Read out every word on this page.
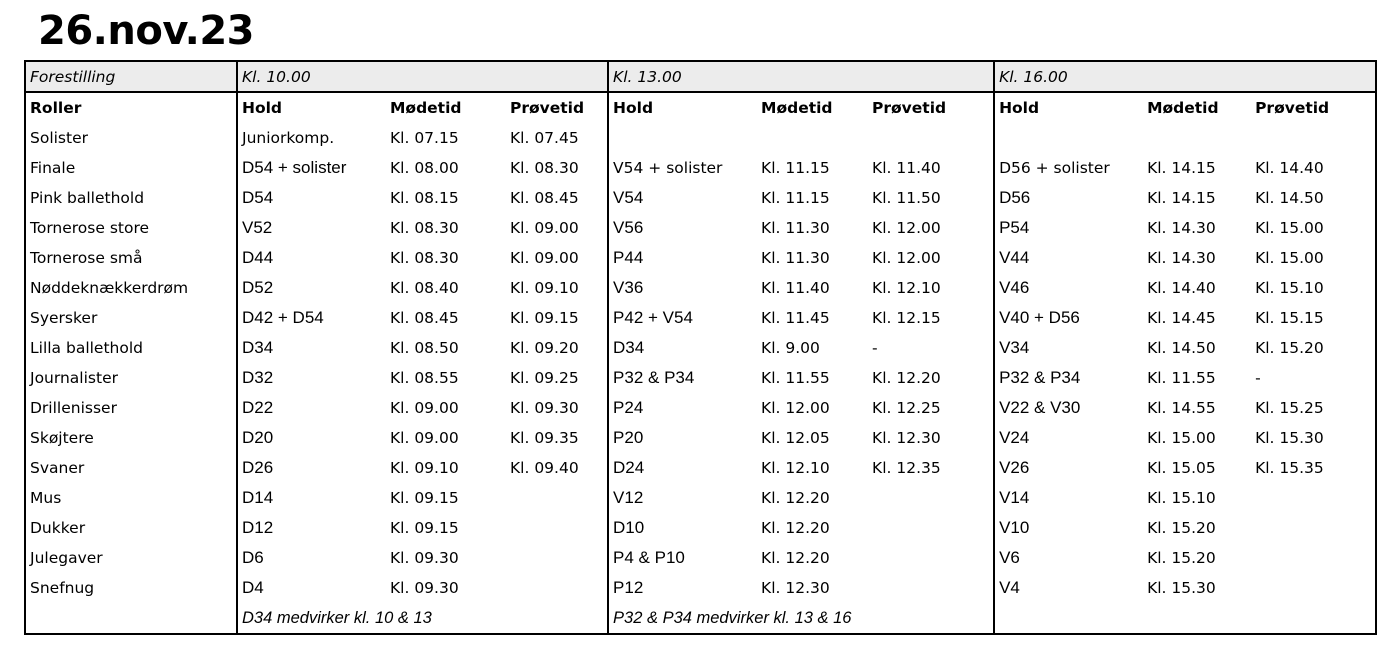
26.nov.23
Forestilling	Kl. 10.00			Kl. 13.00			Kl. 16.00		
Roller	Hold	Mødetid	Prøvetid	Hold	Mødetid	Prøvetid	Hold	Mødetid	Prøvetid
Solister	Juniorkomp.	Kl. 07.15	Kl. 07.45						
Finale	D54 + solister	Kl. 08.00	Kl. 08.30	V54 + solister	Kl. 11.15	Kl. 11.40	D56 + solister	Kl. 14.15	Kl. 14.40
Pink ballethold	D54	Kl. 08.15	Kl. 08.45	V54	Kl. 11.15	Kl. 11.50	D56	Kl. 14.15	Kl. 14.50
Tornerose store	V52	Kl. 08.30	Kl. 09.00	V56	Kl. 11.30	Kl. 12.00	P54	Kl. 14.30	Kl. 15.00
Tornerose små	D44	Kl. 08.30	Kl. 09.00	P44	Kl. 11.30	Kl. 12.00	V44	Kl. 14.30	Kl. 15.00
Nøddeknækkerdrøm	D52	Kl. 08.40	Kl. 09.10	V36	Kl. 11.40	Kl. 12.10	V46	Kl. 14.40	Kl. 15.10
Syersker	D42 + D54	Kl. 08.45	Kl. 09.15	P42 + V54	Kl. 11.45	Kl. 12.15	V40 + D56	Kl. 14.45	Kl. 15.15
Lilla ballethold	D34	Kl. 08.50	Kl. 09.20	D34	Kl. 9.00	-	V34	Kl. 14.50	Kl. 15.20
Journalister	D32	Kl. 08.55	Kl. 09.25	P32 & P34	Kl. 11.55	Kl. 12.20	P32 & P34	Kl. 11.55	-
Drillenisser	D22	Kl. 09.00	Kl. 09.30	P24	Kl. 12.00	Kl. 12.25	V22 & V30	Kl. 14.55	Kl. 15.25
Skøjtere	D20	Kl. 09.00	Kl. 09.35	P20	Kl. 12.05	Kl. 12.30	V24	Kl. 15.00	Kl. 15.30
Svaner	D26	Kl. 09.10	Kl. 09.40	D24	Kl. 12.10	Kl. 12.35	V26	Kl. 15.05	Kl. 15.35
Mus	D14	Kl. 09.15		V12	Kl. 12.20		V14	Kl. 15.10	
Dukker	D12	Kl. 09.15		D10	Kl. 12.20		V10	Kl. 15.20	
Julegaver	D6	Kl. 09.30		P4 & P10	Kl. 12.20		V6	Kl. 15.20	
Snefnug	D4	Kl. 09.30		P12	Kl. 12.30		V4	Kl. 15.30	
	D34 medvirker kl. 10 & 13			P32 & P34 medvirker kl. 13 & 16					
